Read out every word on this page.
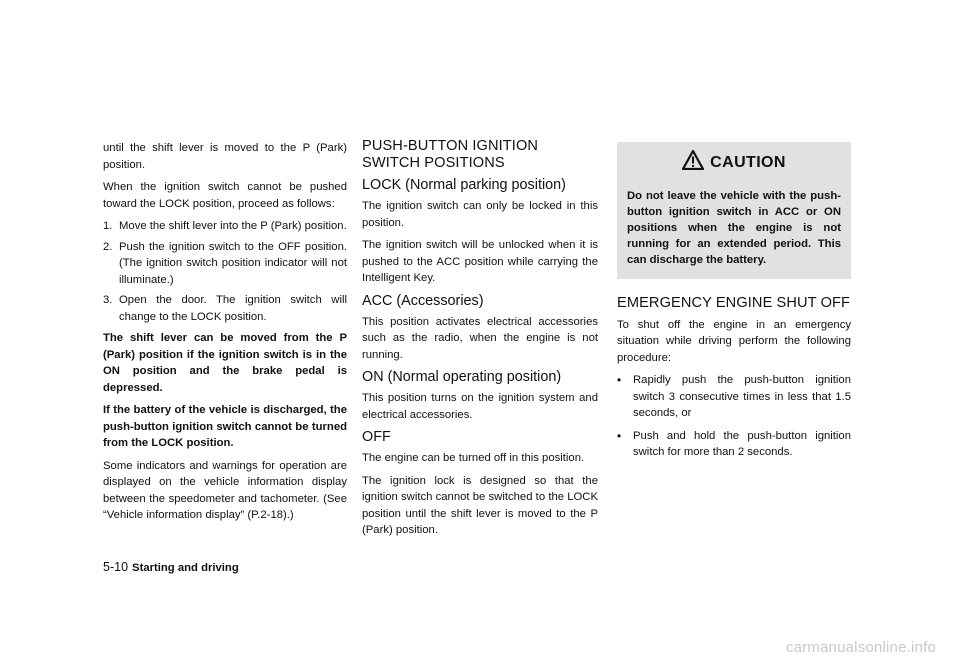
until the shift lever is moved to the P (Park) position.

When the ignition switch cannot be pushed toward the LOCK position, proceed as follows:

1. Move the shift lever into the P (Park) position.
2. Push the ignition switch to the OFF position. (The ignition switch position indicator will not illuminate.)
3. Open the door. The ignition switch will change to the LOCK position.

The shift lever can be moved from the P (Park) position if the ignition switch is in the ON position and the brake pedal is depressed.

If the battery of the vehicle is discharged, the push-button ignition switch cannot be turned from the LOCK position.

Some indicators and warnings for operation are displayed on the vehicle information display between the speedometer and tachometer. (See “Vehicle information display” (P.2-18).)

PUSH-BUTTON IGNITION SWITCH POSITIONS
LOCK (Normal parking position)

The ignition switch can only be locked in this position.

The ignition switch will be unlocked when it is pushed to the ACC position while carrying the Intelligent Key.

ACC (Accessories)

This position activates electrical accessories such as the radio, when the engine is not running.

ON (Normal operating position)

This position turns on the ignition system and electrical accessories.

OFF

The engine can be turned off in this position.

The ignition lock is designed so that the ignition switch cannot be switched to the LOCK position until the shift lever is moved to the P (Park) position.

CAUTION
Do not leave the vehicle with the push-button ignition switch in ACC or ON positions when the engine is not running for an extended period. This can discharge the battery.
EMERGENCY ENGINE SHUT OFF

To shut off the engine in an emergency situation while driving perform the following procedure:

•	Rapidly push the push-button ignition switch 3 consecutive times in less that 1.5 seconds, or
•	Push and hold the push-button ignition switch for more than 2 seconds.
5-10 Starting and driving
carmanualsonline.info
